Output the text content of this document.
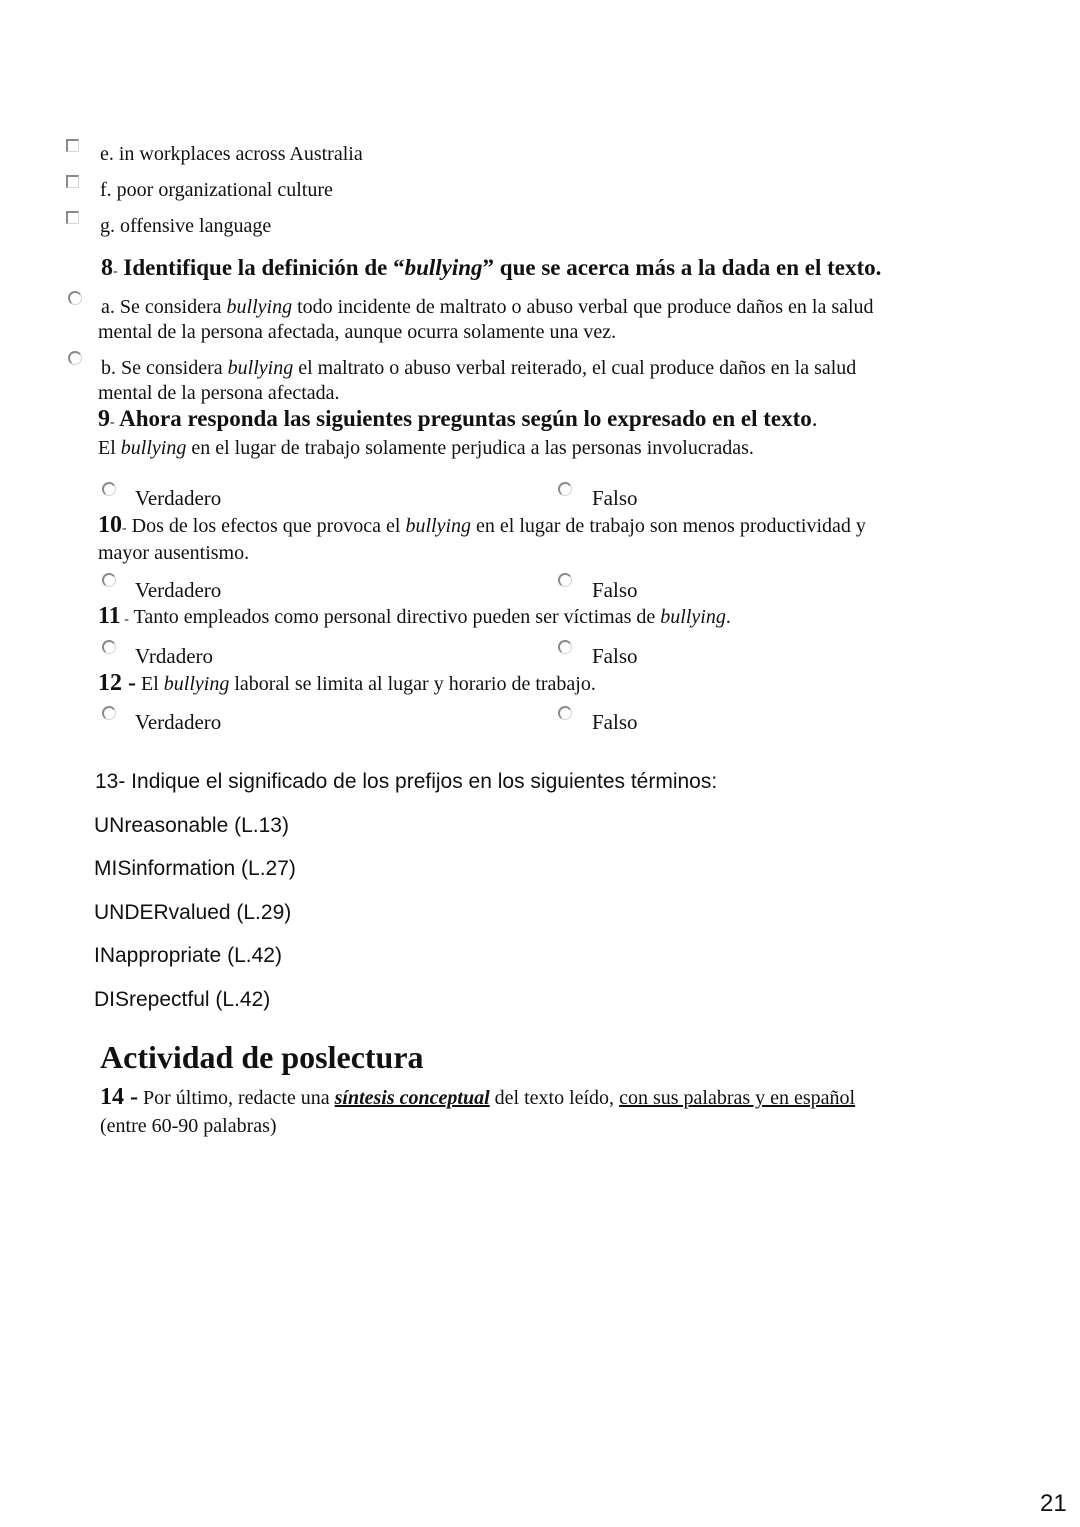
e. in workplaces across Australia
f. poor organizational culture
g. offensive language
8- Identifique la definición de “bullying” que se acerca más a la dada en el texto.
a. Se considera bullying todo incidente de maltrato o abuso verbal que produce daños en la salud
mental de la persona afectada, aunque ocurra solamente una vez.
b. Se considera bullying el maltrato o abuso verbal reiterado, el cual produce daños en la salud
mental de la persona afectada.
9- Ahora responda las siguientes preguntas según lo expresado en el texto.
El bullying en el lugar de trabajo solamente perjudica a las personas involucradas.
Verdadero	Falso
10- Dos de los efectos que provoca el bullying en el lugar de trabajo son menos productividad y
mayor ausentismo.
Verdadero	Falso
11 - Tanto empleados como personal directivo pueden ser víctimas de bullying.
Vrdadero	Falso
12 - El bullying laboral se limita al lugar y horario de trabajo.
Verdadero	Falso
13- Indique el significado de los prefijos en los siguientes términos:
UNreasonable (L.13)
MISinformation (L.27)
UNDERvalued (L.29)
INappropriate (L.42)
DISrepectful (L.42)
Actividad de poslectura
14 - Por último, redacte una síntesis conceptual del texto leído, con sus palabras y en español
(entre 60-90 palabras)
21
